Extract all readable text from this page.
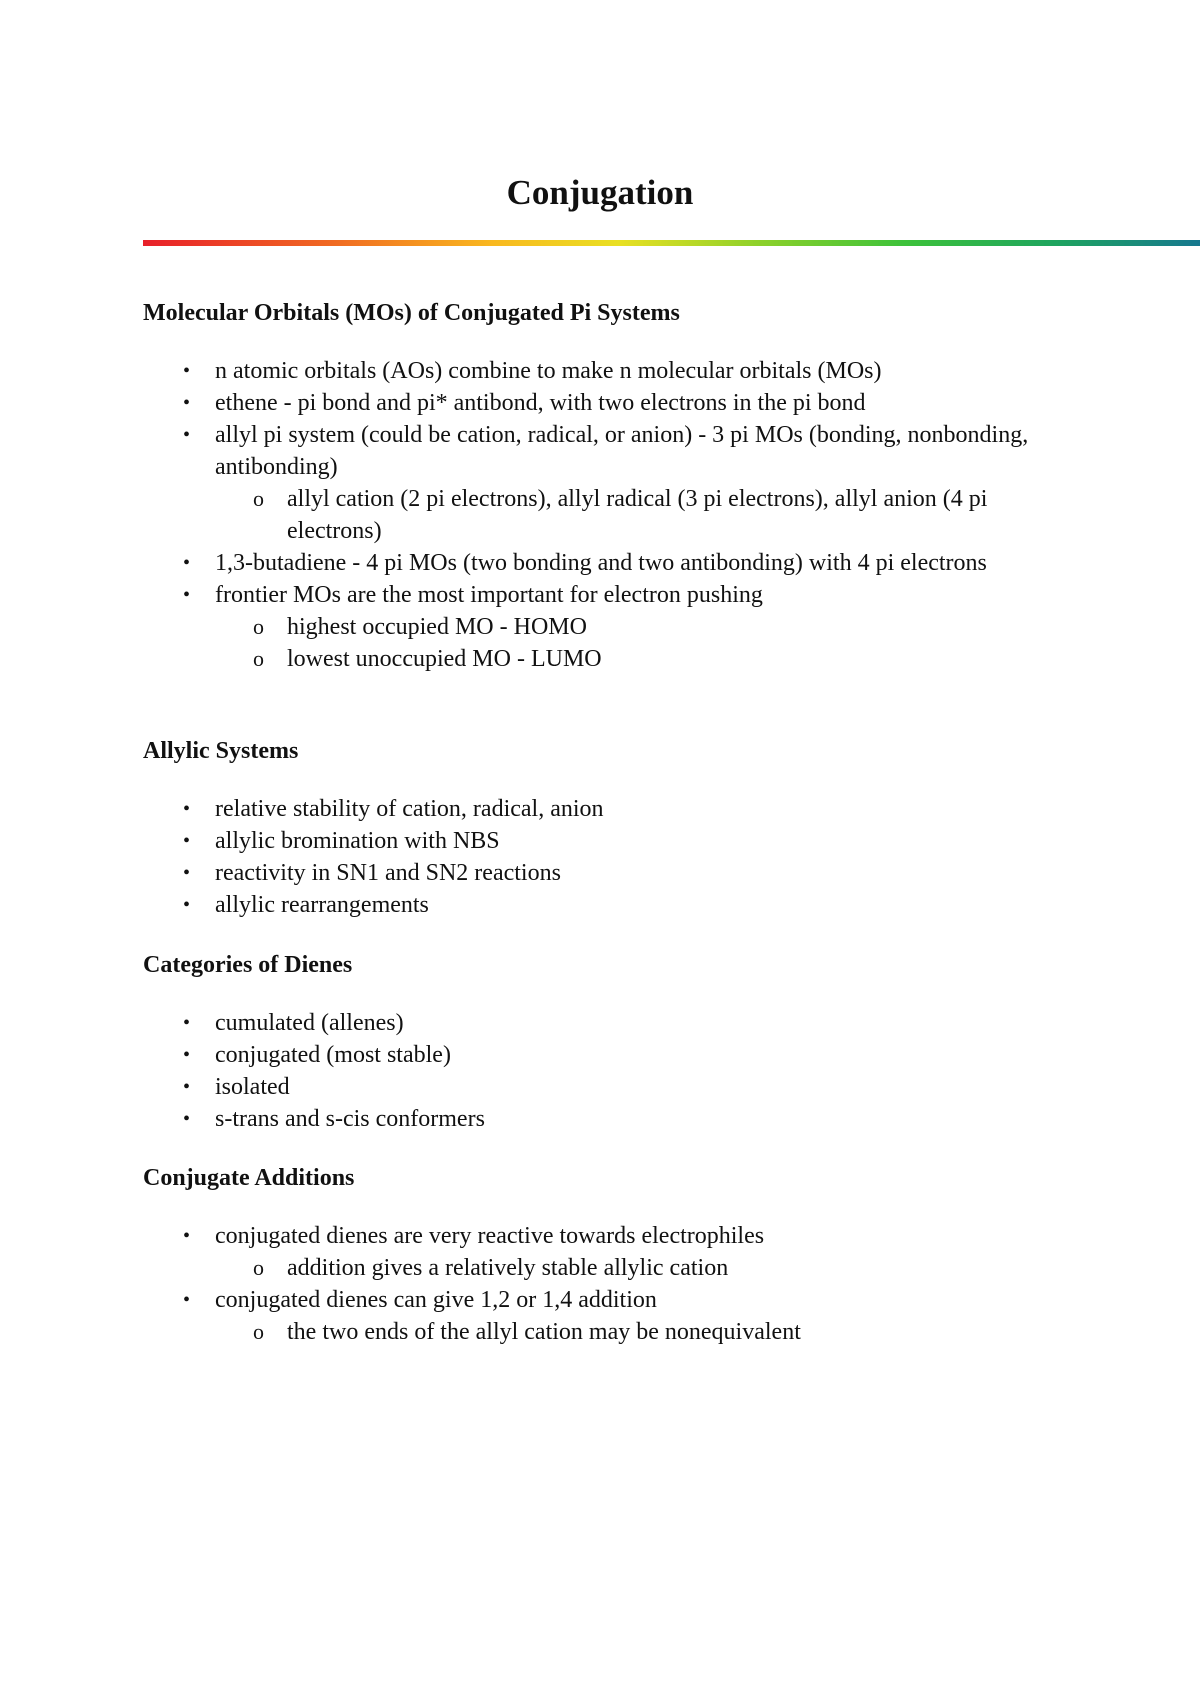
Conjugation
Molecular Orbitals (MOs) of Conjugated Pi Systems
• n atomic orbitals (AOs) combine to make n molecular orbitals (MOs)
• ethene - pi bond and pi* antibond, with two electrons in the pi bond
• allyl pi system (could be cation, radical, or anion) - 3 pi MOs (bonding, nonbonding, antibonding)
o allyl cation (2 pi electrons), allyl radical (3 pi electrons), allyl anion (4 pi electrons)
• 1,3-butadiene - 4 pi MOs (two bonding and two antibonding) with 4 pi electrons
• frontier MOs are the most important for electron pushing
o highest occupied MO - HOMO
o lowest unoccupied MO - LUMO
Allylic Systems
• relative stability of cation, radical, anion
• allylic bromination with NBS
• reactivity in SN1 and SN2 reactions
• allylic rearrangements
Categories of Dienes
• cumulated (allenes)
• conjugated (most stable)
• isolated
• s-trans and s-cis conformers
Conjugate Additions
• conjugated dienes are very reactive towards electrophiles
o addition gives a relatively stable allylic cation
• conjugated dienes can give 1,2 or 1,4 addition
o the two ends of the allyl cation may be nonequivalent
